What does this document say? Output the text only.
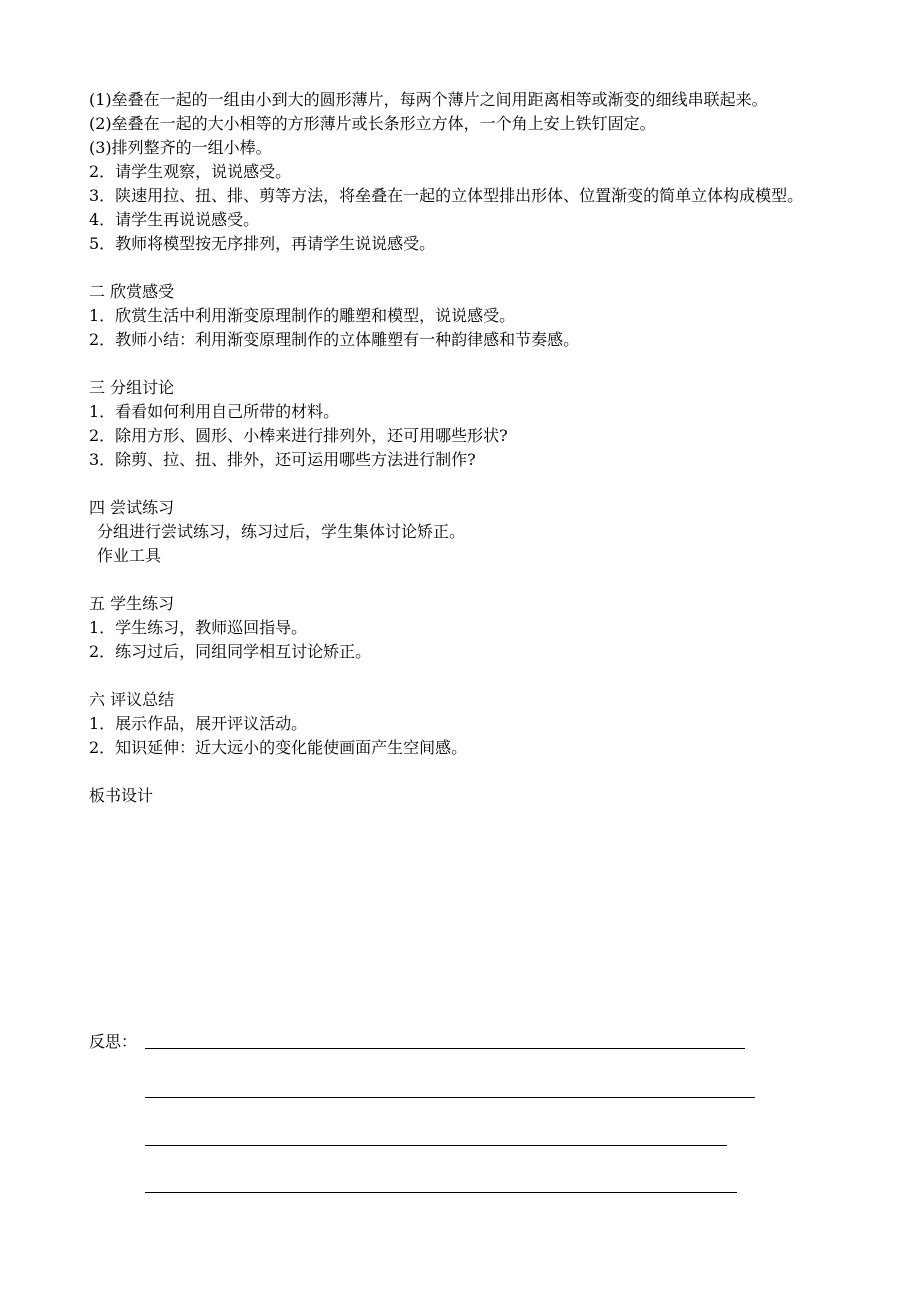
(1)垒叠在一起的一组由小到大的圆形薄片，每两个薄片之间用距离相等或渐变的细线串联起来。
(2)垒叠在一起的大小相等的方形薄片或长条形立方体，一个角上安上铁钉固定。
(3)排列整齐的一组小棒。
2．请学生观察，说说感受。
3．陕速用拉、扭、排、剪等方法，将垒叠在一起的立体型排出形体、位置渐变的简单立体构成模型。
4．请学生再说说感受。
5．教师将模型按无序排列，再请学生说说感受。
二 欣赏感受
1．欣赏生活中利用渐变原理制作的雕塑和模型，说说感受。
2．教师小结：利用渐变原理制作的立体雕塑有一种韵律感和节奏感。
三 分组讨论
1．看看如何利用自己所带的材料。
2．除用方形、圆形、小棒来进行排列外，还可用哪些形状?
3．除剪、拉、扭、排外，还可运用哪些方法进行制作?
四 尝试练习
分组进行尝试练习，练习过后，学生集体讨论矫正。
作业工具
五 学生练习
1．学生练习，教师巡回指导。
2．练习过后，同组同学相互讨论矫正。
六 评议总结
1．展示作品，展开评议活动。
2．知识延伸：近大远小的变化能使画面产生空间感。
板书设计
反思：
